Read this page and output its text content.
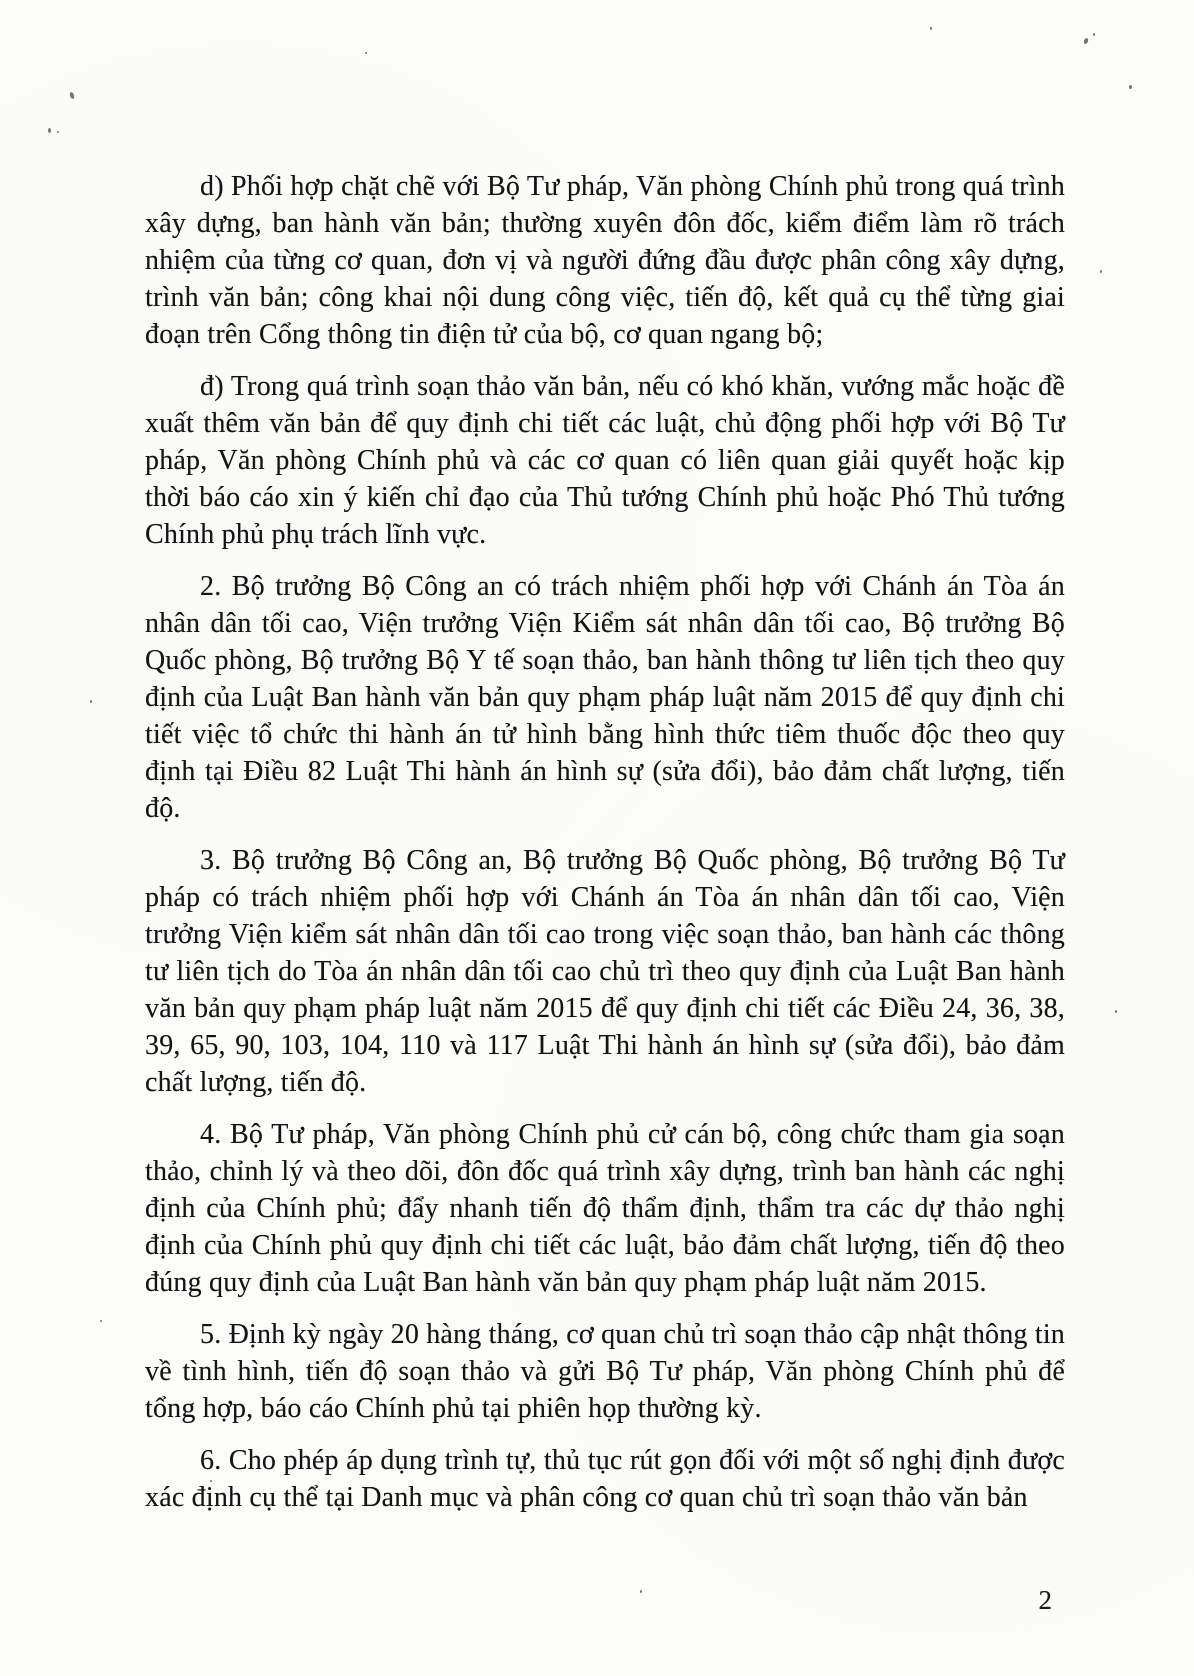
d) Phối hợp chặt chẽ với Bộ Tư pháp, Văn phòng Chính phủ trong quá trình xây dựng, ban hành văn bản; thường xuyên đôn đốc, kiểm điểm làm rõ trách nhiệm của từng cơ quan, đơn vị và người đứng đầu được phân công xây dựng, trình văn bản; công khai nội dung công việc, tiến độ, kết quả cụ thể từng giai đoạn trên Cổng thông tin điện tử của bộ, cơ quan ngang bộ;

đ) Trong quá trình soạn thảo văn bản, nếu có khó khăn, vướng mắc hoặc đề xuất thêm văn bản để quy định chi tiết các luật, chủ động phối hợp với Bộ Tư pháp, Văn phòng Chính phủ và các cơ quan có liên quan giải quyết hoặc kịp thời báo cáo xin ý kiến chỉ đạo của Thủ tướng Chính phủ hoặc Phó Thủ tướng Chính phủ phụ trách lĩnh vực.

2. Bộ trưởng Bộ Công an có trách nhiệm phối hợp với Chánh án Tòa án nhân dân tối cao, Viện trưởng Viện Kiểm sát nhân dân tối cao, Bộ trưởng Bộ Quốc phòng, Bộ trưởng Bộ Y tế soạn thảo, ban hành thông tư liên tịch theo quy định của Luật Ban hành văn bản quy phạm pháp luật năm 2015 để quy định chi tiết việc tổ chức thi hành án tử hình bằng hình thức tiêm thuốc độc theo quy định tại Điều 82 Luật Thi hành án hình sự (sửa đổi), bảo đảm chất lượng, tiến độ.

3. Bộ trưởng Bộ Công an, Bộ trưởng Bộ Quốc phòng, Bộ trưởng Bộ Tư pháp có trách nhiệm phối hợp với Chánh án Tòa án nhân dân tối cao, Viện trưởng Viện kiểm sát nhân dân tối cao trong việc soạn thảo, ban hành các thông tư liên tịch do Tòa án nhân dân tối cao chủ trì theo quy định của Luật Ban hành văn bản quy phạm pháp luật năm 2015 để quy định chi tiết các Điều 24, 36, 38, 39, 65, 90, 103, 104, 110 và 117 Luật Thi hành án hình sự (sửa đổi), bảo đảm chất lượng, tiến độ.

4. Bộ Tư pháp, Văn phòng Chính phủ cử cán bộ, công chức tham gia soạn thảo, chỉnh lý và theo dõi, đôn đốc quá trình xây dựng, trình ban hành các nghị định của Chính phủ; đẩy nhanh tiến độ thẩm định, thẩm tra các dự thảo nghị định của Chính phủ quy định chi tiết các luật, bảo đảm chất lượng, tiến độ theo đúng quy định của Luật Ban hành văn bản quy phạm pháp luật năm 2015.

5. Định kỳ ngày 20 hàng tháng, cơ quan chủ trì soạn thảo cập nhật thông tin về tình hình, tiến độ soạn thảo và gửi Bộ Tư pháp, Văn phòng Chính phủ để tổng hợp, báo cáo Chính phủ tại phiên họp thường kỳ.

6. Cho phép áp dụng trình tự, thủ tục rút gọn đối với một số nghị định được xác định cụ thể tại Danh mục và phân công cơ quan chủ trì soạn thảo văn bản

2
